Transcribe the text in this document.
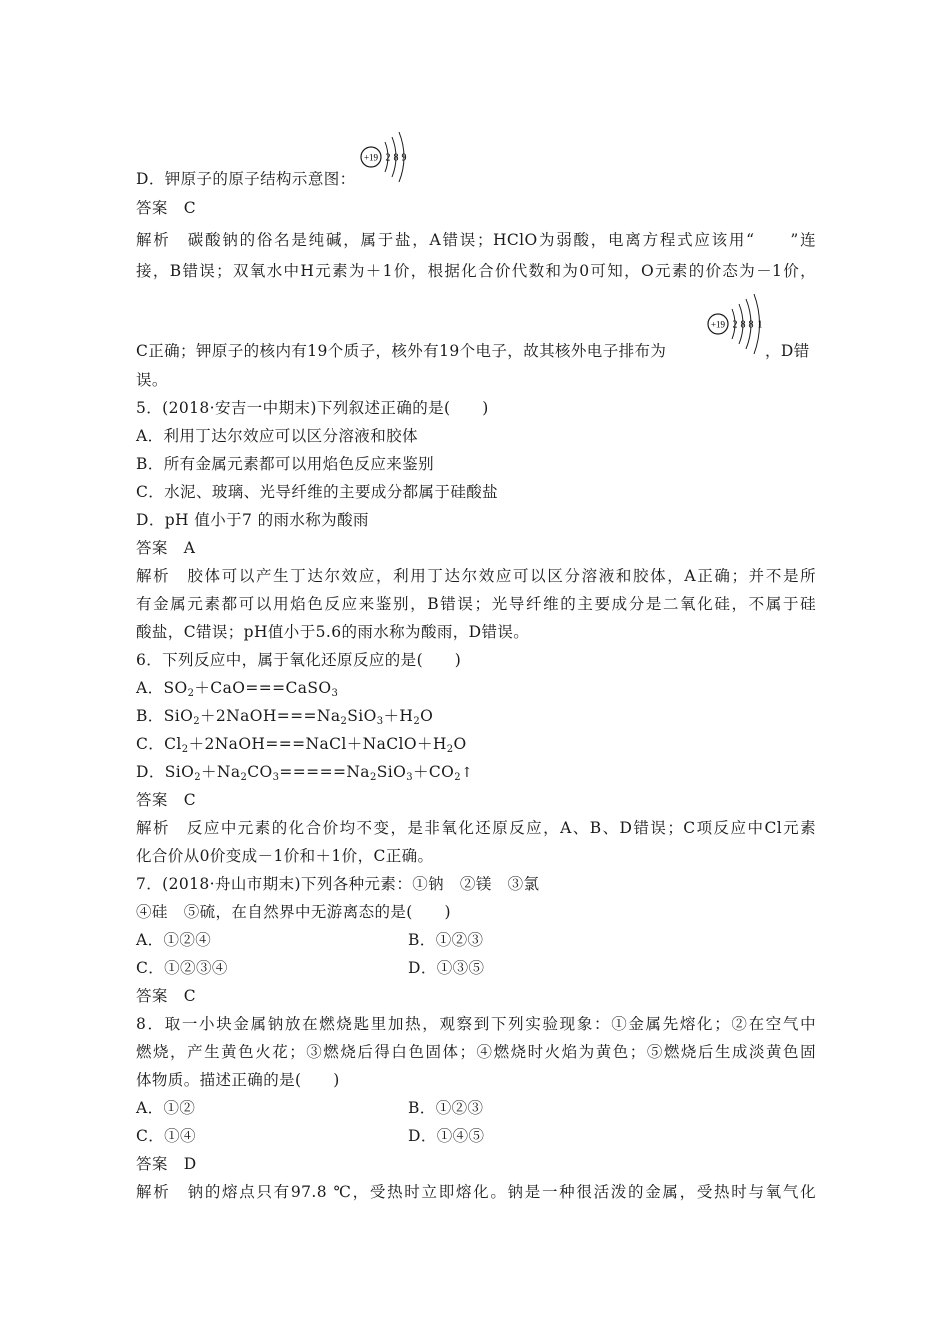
D．钾原子的原子结构示意图：
+19 2 8 9
答案　C
解析　碳酸钠的俗名是纯碱，属于盐，A错误；HClO为弱酸，电离方程式应该用“　　”连
接，B错误；双氧水中H元素为＋1价，根据化合价代数和为0可知，O元素的价态为－1价，
C正确；钾原子的核内有19个质子，核外有19个电子，故其核外电子排布为
+19 2 8 8 1
，D错
误。
5．(2018·安吉一中期末)下列叙述正确的是(　　)
A．利用丁达尔效应可以区分溶液和胶体
B．所有金属元素都可以用焰色反应来鉴别
C．水泥、玻璃、光导纤维的主要成分都属于硅酸盐
D．pH 值小于7 的雨水称为酸雨
答案　A
解析　胶体可以产生丁达尔效应，利用丁达尔效应可以区分溶液和胶体，A正确；并不是所
有金属元素都可以用焰色反应来鉴别，B错误；光导纤维的主要成分是二氧化硅，不属于硅
酸盐，C错误；pH值小于5.6的雨水称为酸雨，D错误。
6．下列反应中，属于氧化还原反应的是(　　)
A．$SO_2+CaO===CaSO_3$
B．$SiO_2+2NaOH===Na_2SiO_3+H_2O$
C．$Cl_2+2NaOH===NaCl+NaClO+H_2O$
D．$SiO_2+Na_2CO_3=====Na_2SiO_3+CO_2↑$
答案　C
解析　反应中元素的化合价均不变，是非氧化还原反应，A、B、D错误；C项反应中Cl元素
化合价从0价变成－1价和＋1价，C正确。
7．(2018·舟山市期末)下列各种元素：①钠　②镁　③氯
④硅　⑤硫，在自然界中无游离态的是(　　)
A．①②④	B．①②③
C．①②③④	D．①③⑤
答案　C
8．取一小块金属钠放在燃烧匙里加热，观察到下列实验现象：①金属先熔化；②在空气中
燃烧，产生黄色火花；③燃烧后得白色固体；④燃烧时火焰为黄色；⑤燃烧后生成淡黄色固
体物质。描述正确的是(　　)
A．①②	B．①②③
C．①④	D．①④⑤
答案　D
解析　钠的熔点只有97.8 ℃，受热时立即熔化。钠是一种很活泼的金属，受热时与氧气化
